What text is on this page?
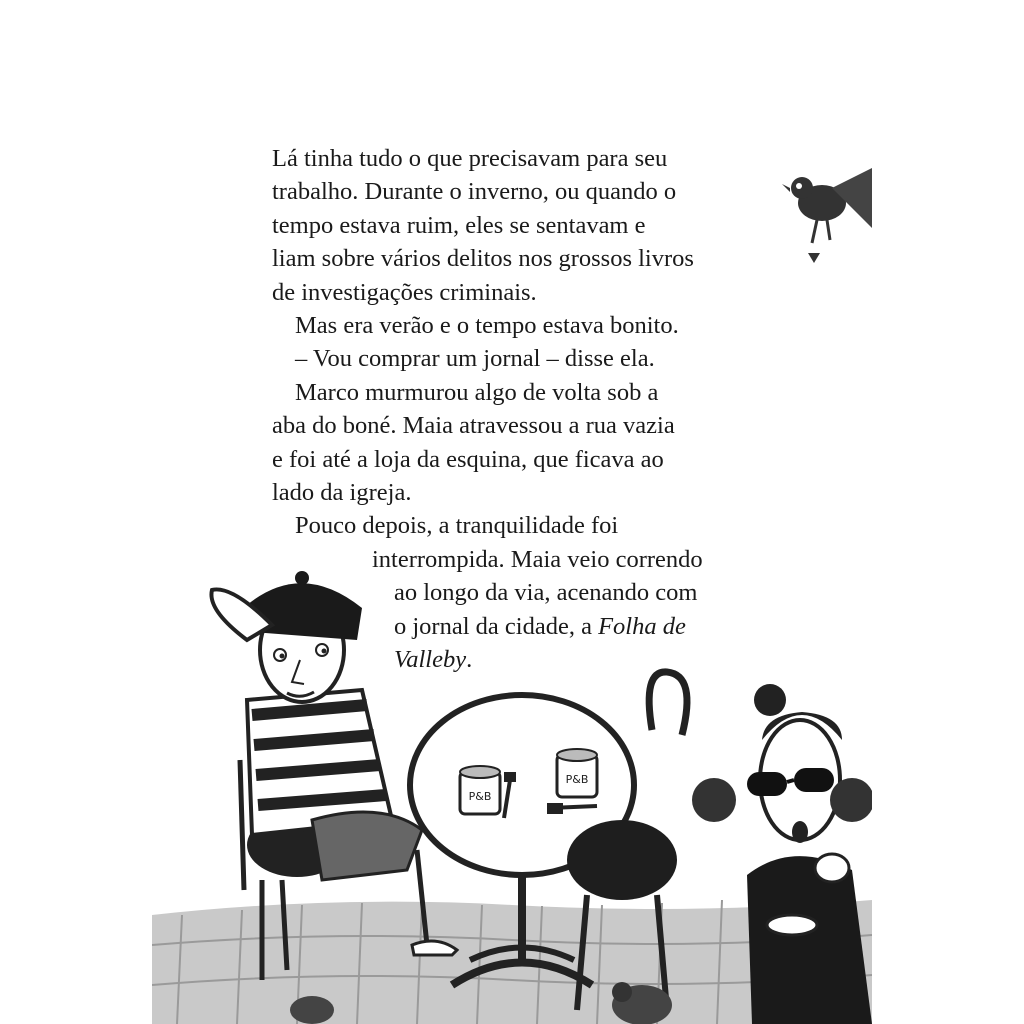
Lá tinha tudo o que precisavam para seu
trabalho. Durante o inverno, ou quando o
tempo estava ruim, eles se sentavam e
liam sobre vários delitos nos grossos livros
de investigações criminais.
Mas era verão e o tempo estava bonito.
– Vou comprar um jornal – disse ela.
Marco murmurou algo de volta sob a
aba do boné. Maia atravessou a rua vazia
e foi até a loja da esquina, que ficava ao
lado da igreja.
Pouco depois, a tranquilidade foi
interrompida. Maia veio correndo
ao longo da via, acenando com
o jornal da cidade, a Folha de
Valleby.
P&B
P&B
